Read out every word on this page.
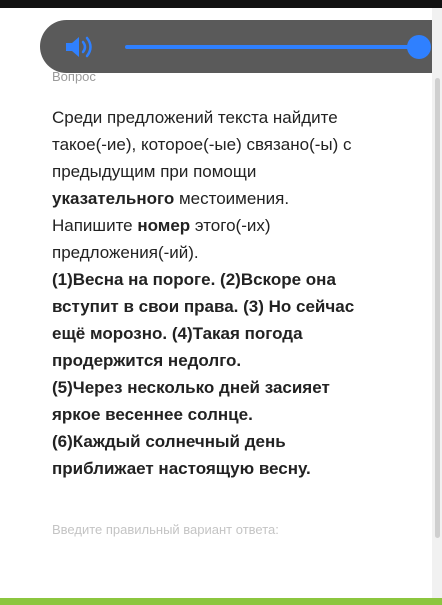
Вопрос

Среди предложений текста найдите такое(-ие), которое(-ые) связано(-ы) с предыдущим при помощи указательного местоимения.

Напишите номер этого(-их) предложения(-ий).

(1)Весна на пороге. (2)Вскоре она вступит в свои права. (3) Но сейчас ещё морозно. (4)Такая погода продержится недолго.
(5)Через несколько дней засияет яркое весеннее солнце.
(6)Каждый солнечный день приближает настоящую весну.

Введите правильный вариант ответа:
